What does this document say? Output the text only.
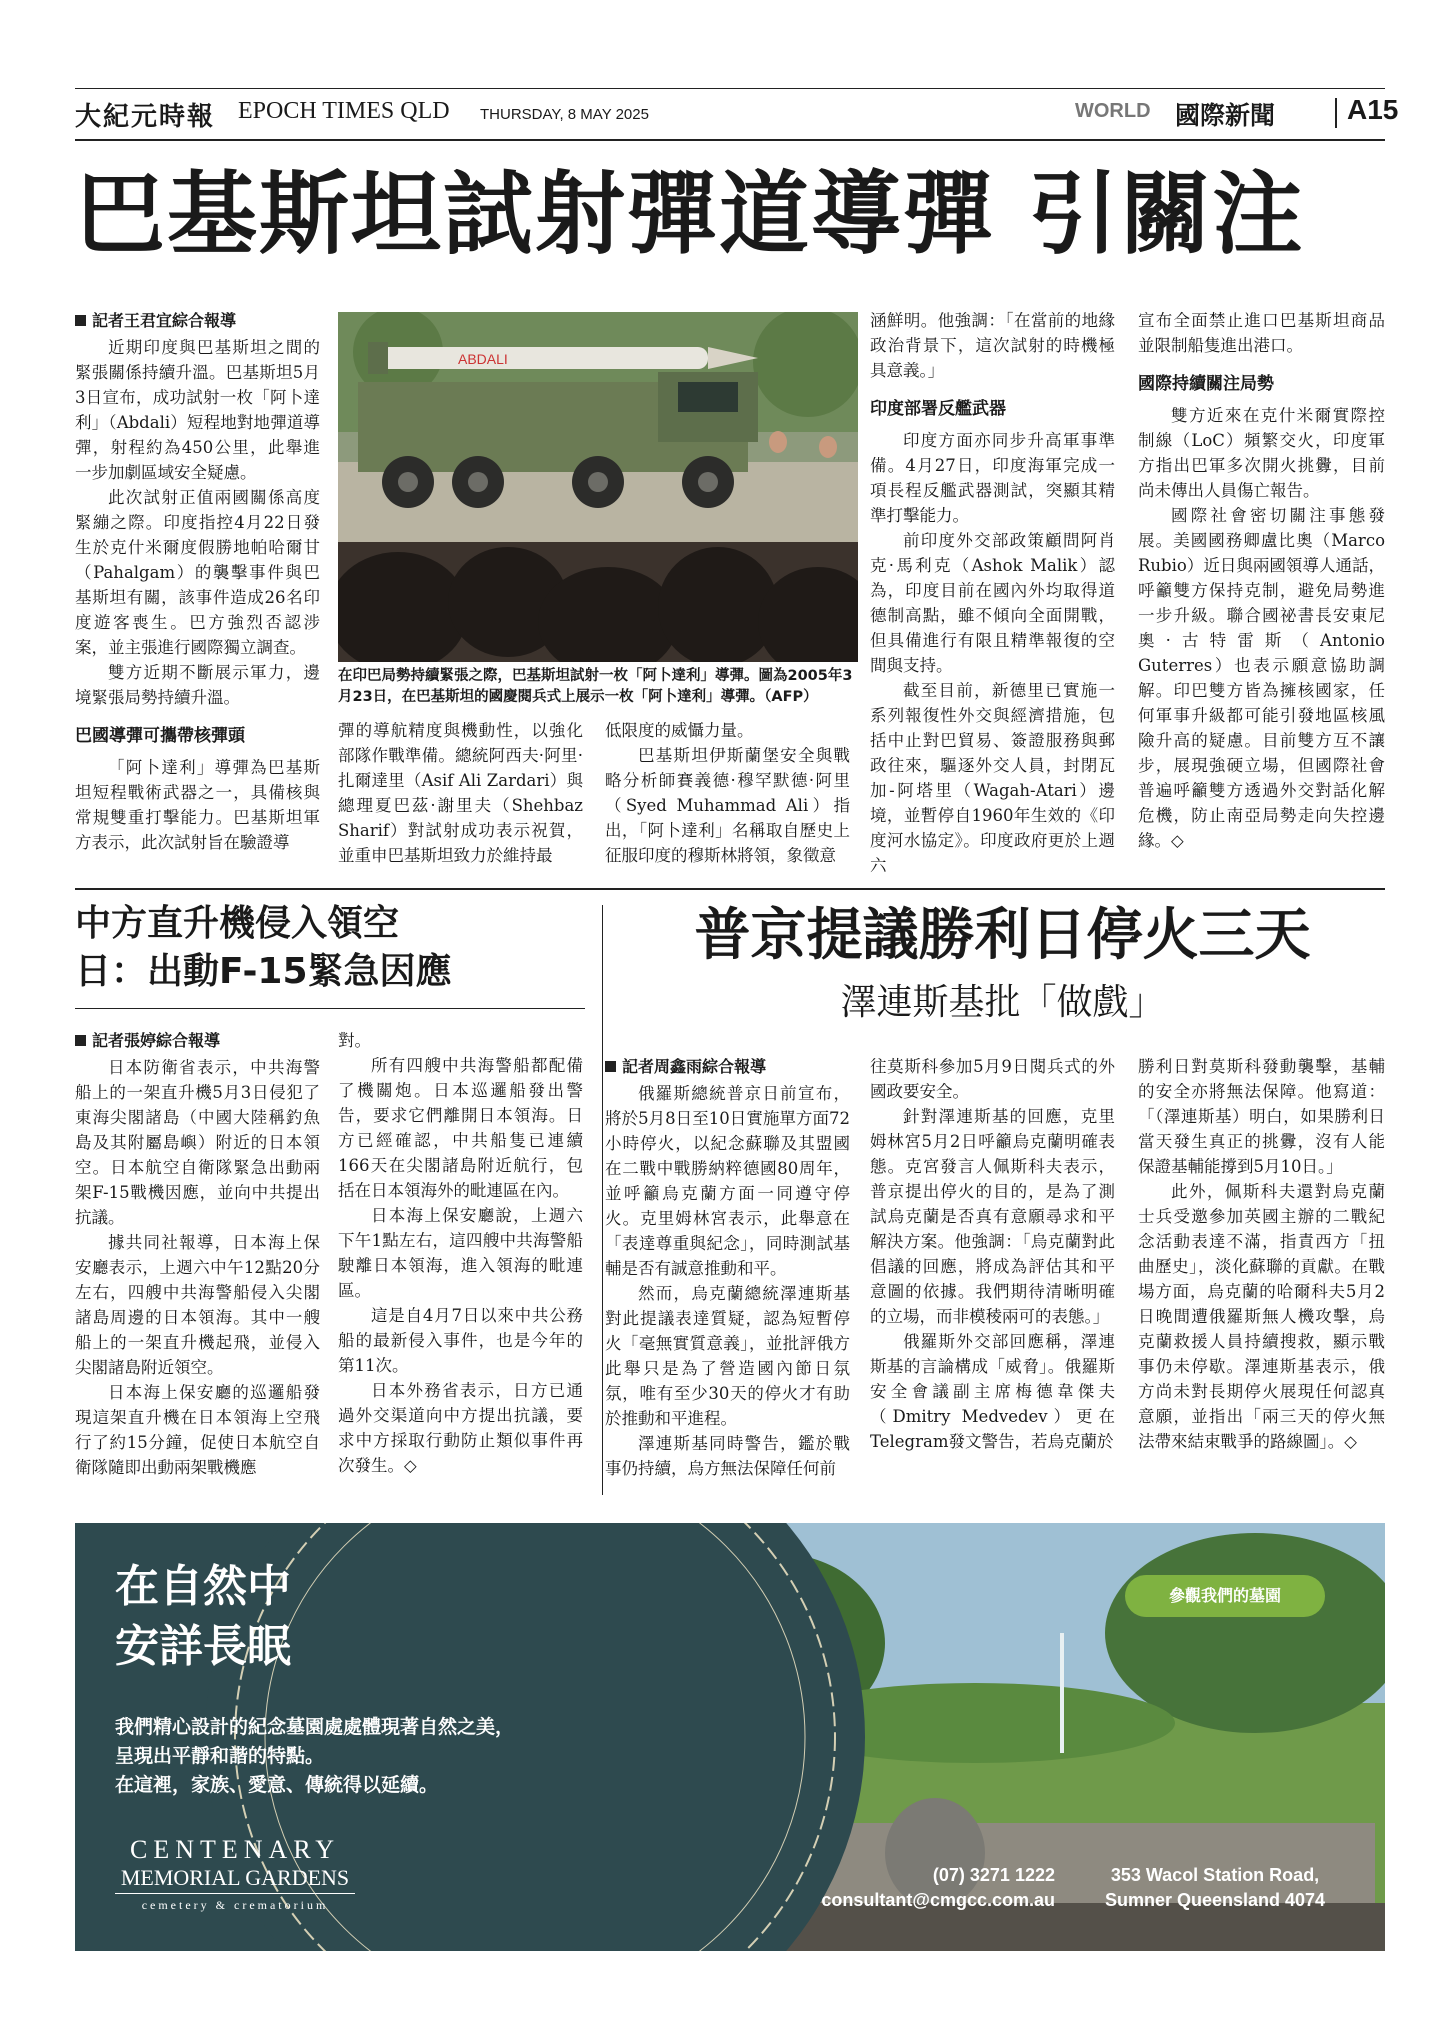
大紀元時報 EPOCH TIMES QLD THURSDAY, 8 MAY 2025	WORLD 國際新聞	A15
巴基斯坦試射彈道導彈 引關注
記者王君宜綜合報導

近期印度與巴基斯坦之間的緊張關係持續升溫。巴基斯坦5月3日宣布，成功試射一枚「阿卜達利」（Abdali）短程地對地彈道導彈，射程約為450公里，此舉進一步加劇區域安全疑慮。

此次試射正值兩國關係高度緊繃之際。印度指控4月22日發生於克什米爾度假勝地帕哈爾甘（Pahalgam）的襲擊事件與巴基斯坦有關，該事件造成26名印度遊客喪生。巴方強烈否認涉案，並主張進行國際獨立調查。

雙方近期不斷展示軍力，邊境緊張局勢持續升溫。

巴國導彈可攜帶核彈頭

「阿卜達利」導彈為巴基斯坦短程戰術武器之一，具備核與常規雙重打擊能力。巴基斯坦軍方表示，此次試射旨在驗證導

ABDALI
在印巴局勢持續緊張之際，巴基斯坦試射一枚「阿卜達利」導彈。圖為2005年3月23日，在巴基斯坦的國慶閱兵式上展示一枚「阿卜達利」導彈。（AFP）

彈的導航精度與機動性，以強化部隊作戰準備。總統阿西夫·阿里·扎爾達里（Asif Ali Zardari）與總理夏巴茲·謝里夫（Shehbaz Sharif）對試射成功表示祝賀，並重申巴基斯坦致力於維持最

低限度的威懾力量。

巴基斯坦伊斯蘭堡安全與戰略分析師賽義德·穆罕默德·阿里（Syed Muhammad Ali）指出，「阿卜達利」名稱取自歷史上征服印度的穆斯林將領，象徵意

涵鮮明。他強調：「在當前的地緣政治背景下，這次試射的時機極具意義。」

印度部署反艦武器

印度方面亦同步升高軍事準備。4月27日，印度海軍完成一項長程反艦武器測試，突顯其精準打擊能力。

前印度外交部政策顧問阿肖克·馬利克（Ashok Malik）認為，印度目前在國內外均取得道德制高點，雖不傾向全面開戰，但具備進行有限且精準報復的空間與支持。

截至目前，新德里已實施一系列報復性外交與經濟措施，包括中止對巴貿易、簽證服務與郵政往來，驅逐外交人員，封閉瓦加-阿塔里（Wagah-Atari）邊境，並暫停自1960年生效的《印度河水協定》。印度政府更於上週六

宣布全面禁止進口巴基斯坦商品並限制船隻進出港口。

國際持續關注局勢

雙方近來在克什米爾實際控制線（LoC）頻繁交火，印度軍方指出巴軍多次開火挑釁，目前尚未傳出人員傷亡報告。

國際社會密切關注事態發展。美國國務卿盧比奧（Marco Rubio）近日與兩國領導人通話，呼籲雙方保持克制，避免局勢進一步升級。聯合國祕書長安東尼奧·古特雷斯（Antonio Guterres）也表示願意協助調解。印巴雙方皆為擁核國家，任何軍事升級都可能引發地區核風險升高的疑慮。目前雙方互不讓步，展現強硬立場，但國際社會普遍呼籲雙方透過外交對話化解危機，防止南亞局勢走向失控邊緣。◇

中方直升機侵入領空
日：出動F-15緊急因應
記者張婷綜合報導

日本防衛省表示，中共海警船上的一架直升機5月3日侵犯了東海尖閣諸島（中國大陸稱釣魚島及其附屬島嶼）附近的日本領空。日本航空自衛隊緊急出動兩架F-15戰機因應，並向中共提出抗議。

據共同社報導，日本海上保安廳表示，上週六中午12點20分左右，四艘中共海警船侵入尖閣諸島周邊的日本領海。其中一艘船上的一架直升機起飛，並侵入尖閣諸島附近領空。

日本海上保安廳的巡邏船發現這架直升機在日本領海上空飛行了約15分鐘，促使日本航空自衛隊隨即出動兩架戰機應

對。

所有四艘中共海警船都配備了機關炮。日本巡邏船發出警告，要求它們離開日本領海。日方已經確認，中共船隻已連續166天在尖閣諸島附近航行，包括在日本領海外的毗連區在內。

日本海上保安廳說，上週六下午1點左右，這四艘中共海警船駛離日本領海，進入領海的毗連區。

這是自4月7日以來中共公務船的最新侵入事件，也是今年的第11次。

日本外務省表示，日方已通過外交渠道向中方提出抗議，要求中方採取行動防止類似事件再次發生。◇

普京提議勝利日停火三天
澤連斯基批「做戲」
記者周鑫雨綜合報導

俄羅斯總統普京日前宣布，將於5月8日至10日實施單方面72小時停火，以紀念蘇聯及其盟國在二戰中戰勝納粹德國80周年，並呼籲烏克蘭方面一同遵守停火。克里姆林宮表示，此舉意在「表達尊重與紀念」，同時測試基輔是否有誠意推動和平。

然而，烏克蘭總統澤連斯基對此提議表達質疑，認為短暫停火「毫無實質意義」，並批評俄方此舉只是為了營造國內節日氛氛，唯有至少30天的停火才有助於推動和平進程。

澤連斯基同時警告，鑑於戰事仍持續，烏方無法保障任何前

往莫斯科參加5月9日閱兵式的外國政要安全。

針對澤連斯基的回應，克里姆林宮5月2日呼籲烏克蘭明確表態。克宮發言人佩斯科夫表示，普京提出停火的目的，是為了測試烏克蘭是否真有意願尋求和平解決方案。他強調：「烏克蘭對此倡議的回應，將成為評估其和平意圖的依據。我們期待清晰明確的立場，而非模稜兩可的表態。」

俄羅斯外交部回應稱，澤連斯基的言論構成「威脅」。俄羅斯安全會議副主席梅德韋傑夫（Dmitry Medvedev）更在Telegram發文警告，若烏克蘭於

勝利日對莫斯科發動襲擊，基輔的安全亦將無法保障。他寫道：「（澤連斯基）明白，如果勝利日當天發生真正的挑釁，沒有人能保證基輔能撐到5月10日。」

此外，佩斯科夫還對烏克蘭士兵受邀參加英國主辦的二戰紀念活動表達不滿，指責西方「扭曲歷史」，淡化蘇聯的貢獻。在戰場方面，烏克蘭的哈爾科夫5月2日晚間遭俄羅斯無人機攻擊，烏克蘭救援人員持續搜救，顯示戰事仍未停歇。澤連斯基表示，俄方尚未對長期停火展現任何認真意願，並指出「兩三天的停火無法帶來結束戰爭的路線圖」。◇

在自然中
安詳長眠
我們精心設計的紀念墓園處處體現著自然之美，
呈現出平靜和諧的特點。
在這裡，家族、愛意、傳統得以延續。
CENTENARY
MEMORIAL GARDENS
cemetery & crematorium
參觀我們的墓園
(07) 3271 1222
consultant@cmgcc.com.au
353 Wacol Station Road,
Sumner Queensland 4074
